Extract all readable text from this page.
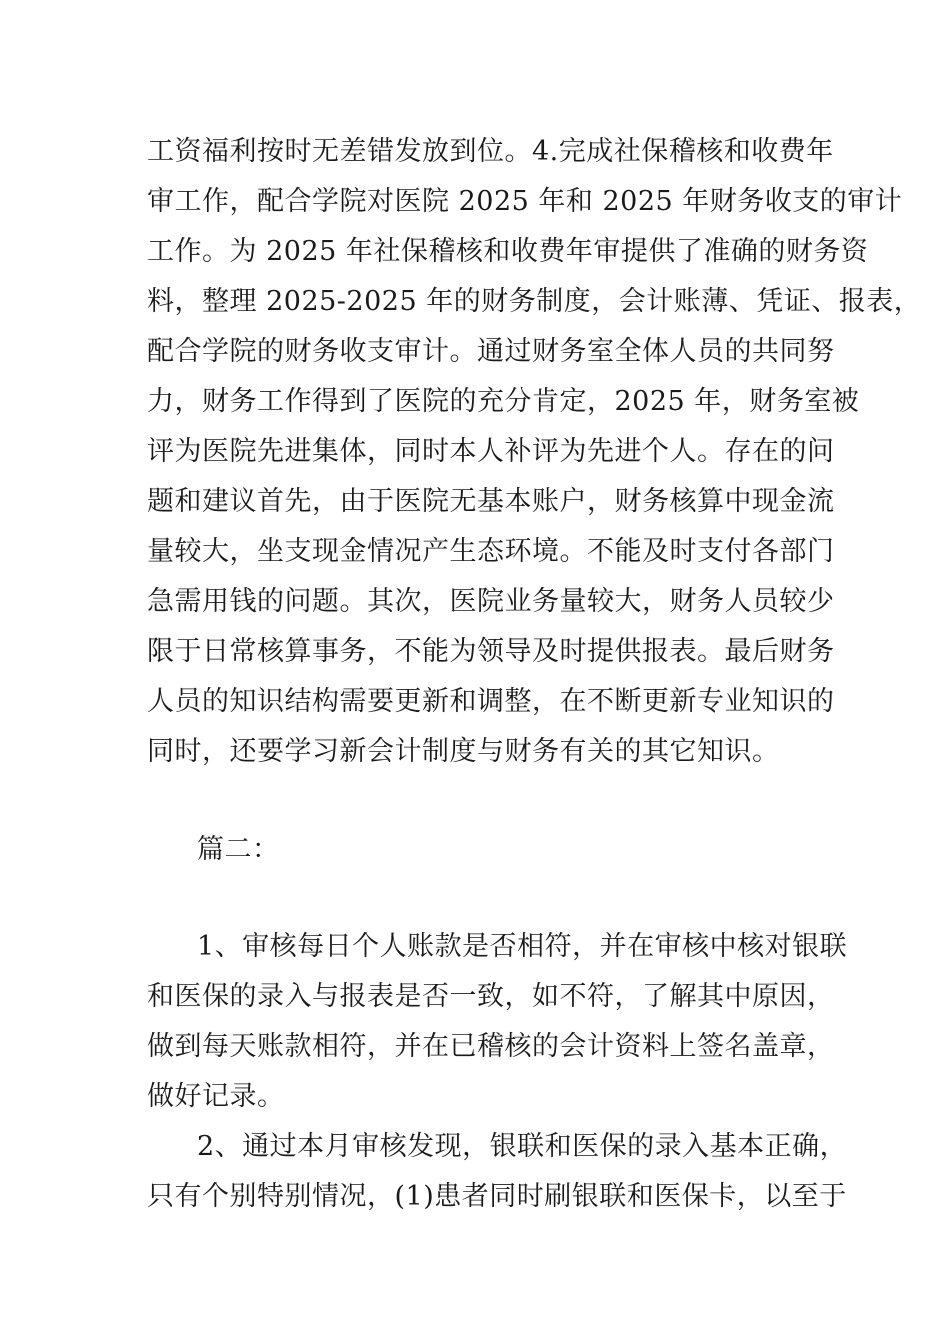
工资福利按时无差错发放到位。4.完成社保稽核和收费年
审工作，配合学院对医院 2025 年和 2025 年财务收支的审计
工作。为 2025 年社保稽核和收费年审提供了准确的财务资
料，整理 2025-2025 年的财务制度，会计账薄、凭证、报表，
配合学院的财务收支审计。通过财务室全体人员的共同努
力，财务工作得到了医院的充分肯定，2025 年，财务室被
评为医院先进集体，同时本人补评为先进个人。存在的问
题和建议首先，由于医院无基本账户，财务核算中现金流
量较大，坐支现金情况产生态环境。不能及时支付各部门
急需用钱的问题。其次，医院业务量较大，财务人员较少
限于日常核算事务，不能为领导及时提供报表。最后财务
人员的知识结构需要更新和调整，在不断更新专业知识的
同时，还要学习新会计制度与财务有关的其它知识。
篇二：
1、审核每日个人账款是否相符，并在审核中核对银联
和医保的录入与报表是否一致，如不符，了解其中原因，
做到每天账款相符，并在已稽核的会计资料上签名盖章，
做好记录。
2、通过本月审核发现，银联和医保的录入基本正确，
只有个别特别情况，(1)患者同时刷银联和医保卡，以至于
